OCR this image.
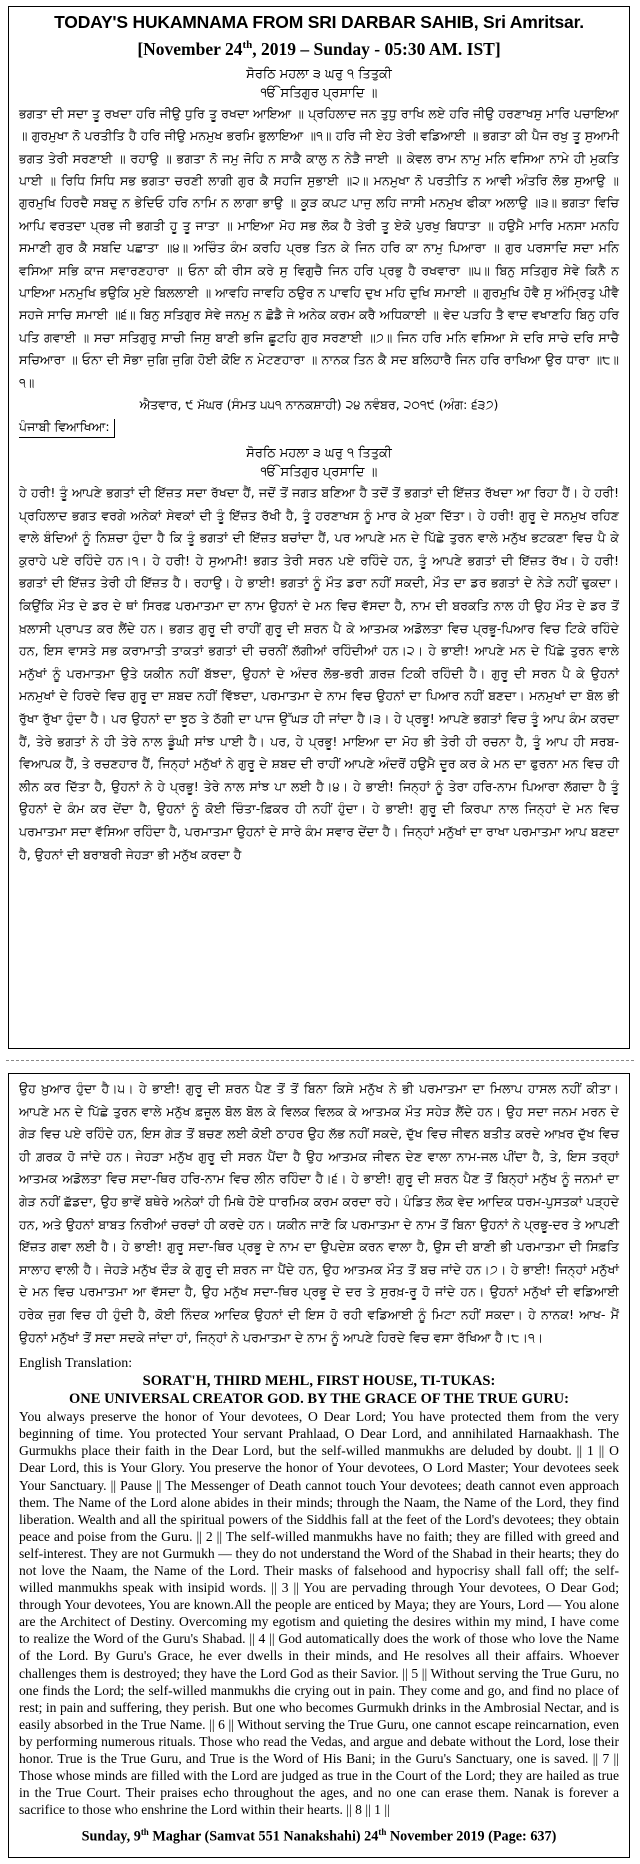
TODAY'S HUKAMNAMA FROM SRI DARBAR SAHIB, Sri Amritsar.
[November 24th, 2019 – Sunday - 05:30 AM. IST]
ਸੋਰਠਿ ਮਹਲਾ ੩ ਘਰੁ ੧ ਤਿਤੁਕੀ
ੴ ਸਤਿਗੁਰ ਪ੍ਰਸਾਦਿ ॥

ਭਗਤਾ ਦੀ ਸਦਾ ਤੂ ਰਖਦਾ ਹਰਿ ਜੀਉ ਧੁਰਿ ਤੂ ਰਖਦਾ ਆਇਆ ॥ ਪ੍ਰਹਿਲਾਦ ਜਨ ਤੁਧੁ ਰਾਖਿ ਲਏ ਹਰਿ ਜੀਉ ਹਰਣਾਖਸੁ ਮਾਰਿ ਪਚਾਇਆ ॥ ਗੁਰਮੁਖਾ ਨੋ ਪਰਤੀਤਿ ਹੈ ਹਰਿ ਜੀਉ ਮਨਮੁਖ ਭਰਮਿ ਭੁਲਾਇਆ ॥੧॥ ਹਰਿ ਜੀ ਏਹ ਤੇਰੀ ਵਡਿਆਈ ॥ ਭਗਤਾ ਕੀ ਪੈਜ ਰਖੁ ਤੂ ਸੁਆਮੀ ਭਗਤ ਤੇਰੀ ਸਰਣਾਈ ॥ ਰਹਾਉ ॥ ਭਗਤਾ ਨੋ ਜਮੁ ਜੋਹਿ ਨ ਸਾਕੈ ਕਾਲੁ ਨ ਨੇੜੈ ਜਾਈ ॥ ਕੇਵਲ ਰਾਮ ਨਾਮੁ ਮਨਿ ਵਸਿਆ ਨਾਮੇ ਹੀ ਮੁਕਤਿ ਪਾਈ ॥ ਰਿਧਿ ਸਿਧਿ ਸਭ ਭਗਤਾ ਚਰਣੀ ਲਾਗੀ ਗੁਰ ਕੈ ਸਹਜਿ ਸੁਭਾਈ ॥੨॥ ਮਨਮੁਖਾ ਨੋ ਪਰਤੀਤਿ ਨ ਆਵੀ ਅੰਤਰਿ ਲੋਭ ਸੁਆਉ ॥ ਗੁਰਮੁਖਿ ਹਿਰਦੈ ਸਬਦੁ ਨ ਭੇਦਿਓ ਹਰਿ ਨਾਮਿ ਨ ਲਾਗਾ ਭਾਉ ॥ ਕੂੜ ਕਪਟ ਪਾਜੁ ਲਹਿ ਜਾਸੀ ਮਨਮੁਖ ਫੀਕਾ ਅਲਾਉ ॥੩॥ ਭਗਤਾ ਵਿਚਿ ਆਪਿ ਵਰਤਦਾ ਪ੍ਰਭ ਜੀ ਭਗਤੀ ਹੂ ਤੂ ਜਾਤਾ ॥ ਮਾਇਆ ਮੋਹ ਸਭ ਲੋਕ ਹੈ ਤੇਰੀ ਤੂ ਏਕੋ ਪੁਰਖੁ ਬਿਧਾਤਾ ॥ ਹਉਮੈ ਮਾਰਿ ਮਨਸਾ ਮਨਹਿ ਸਮਾਣੀ ਗੁਰ ਕੈ ਸਬਦਿ ਪਛਾਤਾ ॥੪॥ ਅਚਿੰਤ ਕੰਮ ਕਰਹਿ ਪ੍ਰਭ ਤਿਨ ਕੇ ਜਿਨ ਹਰਿ ਕਾ ਨਾਮੁ ਪਿਆਰਾ ॥ ਗੁਰ ਪਰਸਾਦਿ ਸਦਾ ਮਨਿ ਵਸਿਆ ਸਭਿ ਕਾਜ ਸਵਾਰਣਹਾਰਾ ॥ ਓਨਾ ਕੀ ਰੀਸ ਕਰੇ ਸੁ ਵਿਗੁਚੈ ਜਿਨ ਹਰਿ ਪ੍ਰਭੁ ਹੈ ਰਖਵਾਰਾ ॥੫॥ ਬਿਨੁ ਸਤਿਗੁਰ ਸੇਵੇ ਕਿਨੈ ਨ ਪਾਇਆ ਮਨਮੁਖਿ ਭਉਕਿ ਮੁਏ ਬਿਲਲਾਈ ॥ ਆਵਹਿ ਜਾਵਹਿ ਠਉਰ ਨ ਪਾਵਹਿ ਦੁਖ ਮਹਿ ਦੁਖਿ ਸਮਾਈ ॥ ਗੁਰਮੁਖਿ ਹੋਵੈ ਸੁ ਅੰਮ੍ਰਿਤੁ ਪੀਵੈ ਸਹਜੇ ਸਾਚਿ ਸਮਾਈ ॥੬॥ ਬਿਨੁ ਸਤਿਗੁਰ ਸੇਵੇ ਜਨਮੁ ਨ ਛੋਡੈ ਜੇ ਅਨੇਕ ਕਰਮ ਕਰੈ ਅਧਿਕਾਈ ॥ ਵੇਦ ਪੜਹਿ ਤੈ ਵਾਦ ਵਖਾਣਹਿ ਬਿਨੁ ਹਰਿ ਪਤਿ ਗਵਾਈ ॥ ਸਚਾ ਸਤਿਗੁਰੁ ਸਾਚੀ ਜਿਸੁ ਬਾਣੀ ਭਜਿ ਛੂਟਹਿ ਗੁਰ ਸਰਣਾਈ ॥੭॥ ਜਿਨ ਹਰਿ ਮਨਿ ਵਸਿਆ ਸੇ ਦਰਿ ਸਾਚੇ ਦਰਿ ਸਾਚੈ ਸਚਿਆਰਾ ॥ ਓਨਾ ਦੀ ਸੋਭਾ ਜੁਗਿ ਜੁਗਿ ਹੋਈ ਕੋਇ ਨ ਮੇਟਣਹਾਰਾ ॥ ਨਾਨਕ ਤਿਨ ਕੈ ਸਦ ਬਲਿਹਾਰੈ ਜਿਨ ਹਰਿ ਰਾਖਿਆ ਉਰ ਧਾਰਾ ॥੮॥੧॥

ਐਤਵਾਰ, ੯ ਮੱਘਰ (ਸੰਮਤ ੫੫੧ ਨਾਨਕਸ਼ਾਹੀ) ੨੪ ਨਵੰਬਰ, ੨੦੧੯ (ਅੰਗ: ੬੩੭)
ਪੰਜਾਬੀ ਵਿਆਖਿਆ:
ਸੋਰਠਿ ਮਹਲਾ ੩ ਘਰੁ ੧ ਤਿਤੁਕੀ
ੴ ਸਤਿਗੁਰ ਪ੍ਰਸਾਦਿ ॥

ਹੇ ਹਰੀ! ਤੂੰ ਆਪਣੇ ਭਗਤਾਂ ਦੀ ਇੱਜ਼ਤ ਸਦਾ ਰੱਖਦਾ ਹੈਂ, ਜਦੋਂ ਤੋਂ ਜਗਤ ਬਣਿਆ ਹੈ ਤਦੋਂ ਤੋਂ ਭਗਤਾਂ ਦੀ ਇੱਜ਼ਤ ਰੱਖਦਾ ਆ ਰਿਹਾ ਹੈਂ। ਹੇ ਹਰੀ! ਪ੍ਰਹਿਲਾਦ ਭਗਤ ਵਰਗੇ ਅਨੇਕਾਂ ਸੇਵਕਾਂ ਦੀ ਤੂੰ ਇੱਜ਼ਤ ਰੱਖੀ ਹੈ, ਤੂੰ ਹਰਣਾਖਸ ਨੂੰ ਮਾਰ ਕੇ ਮੁਕਾ ਦਿੱਤਾ। ਹੇ ਹਰੀ! ਗੁਰੂ ਦੇ ਸਨਮੁਖ ਰਹਿਣ ਵਾਲੇ ਬੰਦਿਆਂ ਨੂੰ ਨਿਸ਼ਚਾ ਹੁੰਦਾ ਹੈ ਕਿ ਤੂੰ ਭਗਤਾਂ ਦੀ ਇੱਜ਼ਤ ਬਚਾਂਦਾ ਹੈਂ, ਪਰ ਆਪਣੇ ਮਨ ਦੇ ਪਿੱਛੇ ਤੁਰਨ ਵਾਲੇ ਮਨੁੱਖ ਭਟਕਣਾ ਵਿਚ ਪੈ ਕੇ ਕੁਰਾਹੇ ਪਏ ਰਹਿੰਦੇ ਹਨ।੧। ਹੇ ਹਰੀ! ਹੇ ਸੁਆਮੀ! ਭਗਤ ਤੇਰੀ ਸਰਨ ਪਏ ਰਹਿੰਦੇ ਹਨ, ਤੂੰ ਆਪਣੇ ਭਗਤਾਂ ਦੀ ਇੱਜ਼ਤ ਰੱਖ। ਹੇ ਹਰੀ! ਭਗਤਾਂ ਦੀ ਇੱਜ਼ਤ ਤੇਰੀ ਹੀ ਇੱਜ਼ਤ ਹੈ। ਰਹਾਉ। ਹੇ ਭਾਈ! ਭਗਤਾਂ ਨੂੰ ਮੌਤ ਡਰਾ ਨਹੀਂ ਸਕਦੀ, ਮੌਤ ਦਾ ਡਰ ਭਗਤਾਂ ਦੇ ਨੇੜੇ ਨਹੀਂ ਢੁਕਦਾ। ਕਿਉਂਕਿ ਮੌਤ ਦੇ ਡਰ ਦੇ ਥਾਂ ਸਿਰਫ਼ ਪਰਮਾਤਮਾ ਦਾ ਨਾਮ ਉਹਨਾਂ ਦੇ ਮਨ ਵਿਚ ਵੱਸਦਾ ਹੈ, ਨਾਮ ਦੀ ਬਰਕਤਿ ਨਾਲ ਹੀ ਉਹ ਮੌਤ ਦੇ ਡਰ ਤੋਂ ਖ਼ਲਾਸੀ ਪ੍ਰਾਪਤ ਕਰ ਲੈਂਦੇ ਹਨ। ਭਗਤ ਗੁਰੂ ਦੀ ਰਾਹੀਂ ਗੁਰੂ ਦੀ ਸ਼ਰਨ ਪੈ ਕੇ ਆਤਮਕ ਅਡੋਲਤਾ ਵਿਚ ਪ੍ਰਭੂ-ਪਿਆਰ ਵਿਚ ਟਿਕੇ ਰਹਿੰਦੇ ਹਨ, ਇਸ ਵਾਸਤੇ ਸਭ ਕਰਾਮਾਤੀ ਤਾਕਤਾਂ ਭਗਤਾਂ ਦੀ ਚਰਨੀਂ ਲੱਗੀਆਂ ਰਹਿੰਦੀਆਂ ਹਨ।੨। ਹੇ ਭਾਈ! ਆਪਣੇ ਮਨ ਦੇ ਪਿੱਛੇ ਤੁਰਨ ਵਾਲੇ ਮਨੁੱਖਾਂ ਨੂੰ ਪਰਮਾਤਮਾ ਉਤੇ ਯਕੀਨ ਨਹੀਂ ਬੱਝਦਾ, ਉਹਨਾਂ ਦੇ ਅੰਦਰ ਲੋਭ-ਭਰੀ ਗ਼ਰਜ਼ ਟਿਕੀ ਰਹਿੰਦੀ ਹੈ। ਗੁਰੂ ਦੀ ਸਰਨ ਪੈ ਕੇ ਉਹਨਾਂ ਮਨਮੁਖਾਂ ਦੇ ਹਿਰਦੇ ਵਿਚ ਗੁਰੂ ਦਾ ਸ਼ਬਦ ਨਹੀਂ ਵਿੱਝਦਾ, ਪਰਮਾਤਮਾ ਦੇ ਨਾਮ ਵਿਚ ਉਹਨਾਂ ਦਾ ਪਿਆਰ ਨਹੀਂ ਬਣਦਾ। ਮਨਮੁਖਾਂ ਦਾ ਬੋਲ ਭੀ ਰੁੱਖਾ ਰੁੱਖਾ ਹੁੰਦਾ ਹੈ। ਪਰ ਉਹਨਾਂ ਦਾ ਝੂਠ ਤੇ ਠੱਗੀ ਦਾ ਪਾਜ ਉੱਘੜ ਹੀ ਜਾਂਦਾ ਹੈ।੩। ਹੇ ਪ੍ਰਭੂ! ਆਪਣੇ ਭਗਤਾਂ ਵਿਚ ਤੂੰ ਆਪ ਕੰਮ ਕਰਦਾ ਹੈਂ, ਤੇਰੇ ਭਗਤਾਂ ਨੇ ਹੀ ਤੇਰੇ ਨਾਲ ਡੂੰਘੀ ਸਾਂਝ ਪਾਈ ਹੈ। ਪਰ, ਹੇ ਪ੍ਰਭੂ! ਮਾਇਆ ਦਾ ਮੋਹ ਭੀ ਤੇਰੀ ਹੀ ਰਚਨਾ ਹੈ, ਤੂੰ ਆਪ ਹੀ ਸਰਬ-ਵਿਆਪਕ ਹੈਂ, ਤੇ ਰਚਣਹਾਰ ਹੈਂ, ਜਿਨ੍ਹਾਂ ਮਨੁੱਖਾਂ ਨੇ ਗੁਰੂ ਦੇ ਸ਼ਬਦ ਦੀ ਰਾਹੀਂ ਆਪਣੇ ਅੰਦਰੋਂ ਹਉਮੈ ਦੂਰ ਕਰ ਕੇ ਮਨ ਦਾ ਫੁਰਨਾ ਮਨ ਵਿਚ ਹੀ ਲੀਨ ਕਰ ਦਿੱਤਾ ਹੈ, ਉਹਨਾਂ ਨੇ ਹੇ ਪ੍ਰਭੂ! ਤੇਰੇ ਨਾਲ ਸਾਂਝ ਪਾ ਲਈ ਹੈ।੪। ਹੇ ਭਾਈ! ਜਿਨ੍ਹਾਂ ਨੂੰ ਤੇਰਾ ਹਰਿ-ਨਾਮ ਪਿਆਰਾ ਲੱਗਦਾ ਹੈ ਤੂੰ ਉਹਨਾਂ ਦੇ ਕੰਮ ਕਰ ਦੇਂਦਾ ਹੈ, ਉਹਨਾਂ ਨੂੰ ਕੋਈ ਚਿੰਤਾ-ਫ਼ਿਕਰ ਹੀ ਨਹੀਂ ਹੁੰਦਾ। ਹੇ ਭਾਈ! ਗੁਰੂ ਦੀ ਕਿਰਪਾ ਨਾਲ ਜਿਨ੍ਹਾਂ ਦੇ ਮਨ ਵਿਚ ਪਰਮਾਤਮਾ ਸਦਾ ਵੱਸਿਆ ਰਹਿੰਦਾ ਹੈ, ਪਰਮਾਤਮਾ ਉਹਨਾਂ ਦੇ ਸਾਰੇ ਕੰਮ ਸਵਾਰ ਦੇਂਦਾ ਹੈ। ਜਿਨ੍ਹਾਂ ਮਨੁੱਖਾਂ ਦਾ ਰਾਖਾ ਪਰਮਾਤਮਾ ਆਪ ਬਣਦਾ ਹੈ, ਉਹਨਾਂ ਦੀ ਬਰਾਬਰੀ ਜੇਹੜਾ ਭੀ ਮਨੁੱਖ ਕਰਦਾ ਹੈ

ਉਹ ਖ਼ੁਆਰ ਹੁੰਦਾ ਹੈ।੫। ਹੇ ਭਾਈ! ਗੁਰੂ ਦੀ ਸ਼ਰਨ ਪੈਣ ਤੋਂ ਤੋਂ ਬਿਨਾ ਕਿਸੇ ਮਨੁੱਖ ਨੇ ਭੀ ਪਰਮਾਤਮਾ ਦਾ ਮਿਲਾਪ ਹਾਸਲ ਨਹੀਂ ਕੀਤਾ। ਆਪਣੇ ਮਨ ਦੇ ਪਿੱਛੇ ਤੁਰਨ ਵਾਲੇ ਮਨੁੱਖ ਫ਼ਜ਼ੂਲ ਬੋਲ ਬੋਲ ਕੇ ਵਿਲਕ ਵਿਲਕ ਕੇ ਆਤਮਕ ਮੌਤ ਸਹੇੜ ਲੈਂਦੇ ਹਨ। ਉਹ ਸਦਾ ਜਨਮ ਮਰਨ ਦੇ ਗੇੜ ਵਿਚ ਪਏ ਰਹਿੰਦੇ ਹਨ, ਇਸ ਗੇੜ ਤੋਂ ਬਚਣ ਲਈ ਕੋਈ ਠਾਹਰ ਉਹ ਲੱਭ ਨਹੀਂ ਸਕਦੇ, ਦੁੱਖ ਵਿਚ ਜੀਵਨ ਬਤੀਤ ਕਰਦੇ ਆਖ਼ਰ ਦੁੱਖ ਵਿਚ ਹੀ ਗ਼ਰਕ ਹੋ ਜਾਂਦੇ ਹਨ। ਜੇਹੜਾ ਮਨੁੱਖ ਗੁਰੂ ਦੀ ਸਰਨ ਪੈਂਦਾ ਹੈ ਉਹ ਆਤਮਕ ਜੀਵਨ ਦੇਣ ਵਾਲਾ ਨਾਮ-ਜਲ ਪੀਂਦਾ ਹੈ, ਤੇ, ਇਸ ਤਰ੍ਹਾਂ ਆਤਮਕ ਅਡੋਲਤਾ ਵਿਚ ਸਦਾ-ਥਿਰ ਹਰਿ-ਨਾਮ ਵਿਚ ਲੀਨ ਰਹਿੰਦਾ ਹੈ।੬। ਹੇ ਭਾਈ! ਗੁਰੂ ਦੀ ਸ਼ਰਨ ਪੈਣ ਤੋਂ ਬਿਨ੍ਹਾਂ ਮਨੁੱਖ ਨੂੰ ਜਨਮਾਂ ਦਾ ਗੇੜ ਨਹੀਂ ਛੱਡਦਾ, ਉਹ ਭਾਵੇਂ ਬਥੇਰੇ ਅਨੇਕਾਂ ਹੀ ਮਿਥੇ ਹੋਏ ਧਾਰਮਿਕ ਕਰਮ ਕਰਦਾ ਰਹੇ। ਪੰਡਿਤ ਲੋਕ ਵੇਦ ਆਦਿਕ ਧਰਮ-ਪੁਸਤਕਾਂ ਪੜ੍ਹਦੇ ਹਨ, ਅਤੇ ਉਹਨਾਂ ਬਾਬਤ ਨਿਰੀਆਂ ਚਰਚਾਂ ਹੀ ਕਰਦੇ ਹਨ। ਯਕੀਨ ਜਾਣੋ ਕਿ ਪਰਮਾਤਮਾ ਦੇ ਨਾਮ ਤੋਂ ਬਿਨਾ ਉਹਨਾਂ ਨੇ ਪ੍ਰਭੂ-ਦਰ ਤੇ ਆਪਣੀ ਇੱਜ਼ਤ ਗਵਾ ਲਈ ਹੈ। ਹੇ ਭਾਈ! ਗੁਰੂ ਸਦਾ-ਥਿਰ ਪ੍ਰਭੂ ਦੇ ਨਾਮ ਦਾ ਉਪਦੇਸ਼ ਕਰਨ ਵਾਲਾ ਹੈ, ਉਸ ਦੀ ਬਾਣੀ ਭੀ ਪਰਮਾਤਮਾ ਦੀ ਸਿਫ਼ਤਿ ਸਾਲਾਹ ਵਾਲੀ ਹੈ। ਜੇਹੜੇ ਮਨੁੱਖ ਦੌੜ ਕੇ ਗੁਰੂ ਦੀ ਸ਼ਰਨ ਜਾ ਪੈਂਦੇ ਹਨ, ਉਹ ਆਤਮਕ ਮੌਤ ਤੋਂ ਬਚ ਜਾਂਦੇ ਹਨ।੭। ਹੇ ਭਾਈ! ਜਿਨ੍ਹਾਂ ਮਨੁੱਖਾਂ ਦੇ ਮਨ ਵਿਚ ਪਰਮਾਤਮਾ ਆ ਵੱਸਦਾ ਹੈ, ਉਹ ਮਨੁੱਖ ਸਦਾ-ਥਿਰ ਪ੍ਰਭੂ ਦੇ ਦਰ ਤੇ ਸੁਰਖ਼-ਰੂ ਹੋ ਜਾਂਦੇ ਹਨ। ਉਹਨਾਂ ਮਨੁੱਖਾਂ ਦੀ ਵਡਿਆਈ ਹਰੇਕ ਜੁਗ ਵਿਚ ਹੀ ਹੁੰਦੀ ਹੈ, ਕੋਈ ਨਿੰਦਕ ਆਦਿਕ ਉਹਨਾਂ ਦੀ ਇਸ ਹੋ ਰਹੀ ਵਡਿਆਈ ਨੂੰ ਮਿਟਾ ਨਹੀਂ ਸਕਦਾ। ਹੇ ਨਾਨਕ! ਆਖ- ਮੈਂ ਉਹਨਾਂ ਮਨੁੱਖਾਂ ਤੋਂ ਸਦਾ ਸਦਕੇ ਜਾਂਦਾ ਹਾਂ, ਜਿਨ੍ਹਾਂ ਨੇ ਪਰਮਾਤਮਾ ਦੇ ਨਾਮ ਨੂੰ ਆਪਣੇ ਹਿਰਦੇ ਵਿਚ ਵਸਾ ਰੱਖਿਆ ਹੈ।੮।੧।

English Translation:
SORAT'H, THIRD MEHL, FIRST HOUSE, TI-TUKAS:
ONE UNIVERSAL CREATOR GOD. BY THE GRACE OF THE TRUE GURU:

You always preserve the honor of Your devotees, O Dear Lord; You have protected them from the very beginning of time. You protected Your servant Prahlaad, O Dear Lord, and annihilated Harnaakhash. The Gurmukhs place their faith in the Dear Lord, but the self-willed manmukhs are deluded by doubt. || 1 || O Dear Lord, this is Your Glory. You preserve the honor of Your devotees, O Lord Master; Your devotees seek Your Sanctuary. || Pause || The Messenger of Death cannot touch Your devotees; death cannot even approach them. The Name of the Lord alone abides in their minds; through the Naam, the Name of the Lord, they find liberation. Wealth and all the spiritual powers of the Siddhis fall at the feet of the Lord's devotees; they obtain peace and poise from the Guru. || 2 || The self-willed manmukhs have no faith; they are filled with greed and self-interest. They are not Gurmukh — they do not understand the Word of the Shabad in their hearts; they do not love the Naam, the Name of the Lord. Their masks of falsehood and hypocrisy shall fall off; the self-willed manmukhs speak with insipid words. || 3 || You are pervading through Your devotees, O Dear God; through Your devotees, You are known.All the people are enticed by Maya; they are Yours, Lord — You alone are the Architect of Destiny. Overcoming my egotism and quieting the desires within my mind, I have come to realize the Word of the Guru's Shabad. || 4 || God automatically does the work of those who love the Name of the Lord. By Guru's Grace, he ever dwells in their minds, and He resolves all their affairs. Whoever challenges them is destroyed; they have the Lord God as their Savior. || 5 || Without serving the True Guru, no one finds the Lord; the self-willed manmukhs die crying out in pain. They come and go, and find no place of rest; in pain and suffering, they perish. But one who becomes Gurmukh drinks in the Ambrosial Nectar, and is easily absorbed in the True Name. || 6 || Without serving the True Guru, one cannot escape reincarnation, even by performing numerous rituals. Those who read the Vedas, and argue and debate without the Lord, lose their honor. True is the True Guru, and True is the Word of His Bani; in the Guru's Sanctuary, one is saved. || 7 || Those whose minds are filled with the Lord are judged as true in the Court of the Lord; they are hailed as true in the True Court. Their praises echo throughout the ages, and no one can erase them. Nanak is forever a sacrifice to those who enshrine the Lord within their hearts. || 8 || 1 ||

Sunday, 9th Maghar (Samvat 551 Nanakshahi) 24th November 2019 (Page: 637)
